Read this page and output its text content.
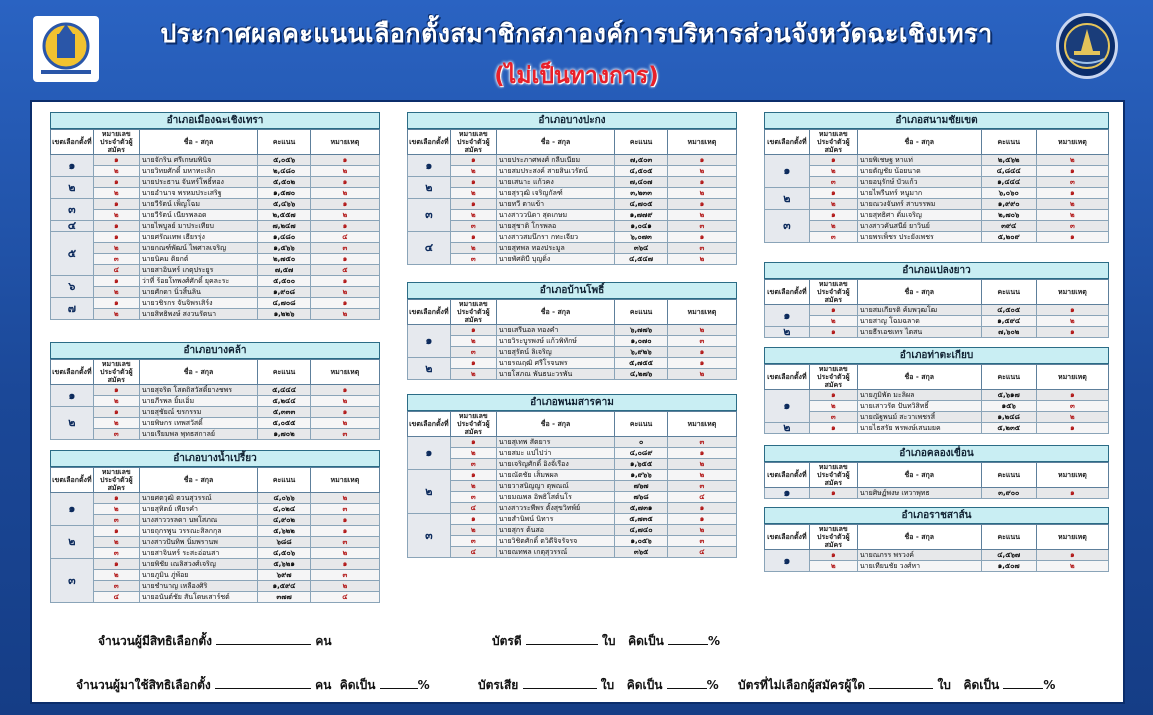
ประกาศผลคะแนนเลือกตั้งสมาชิกสภาองค์การบริหารส่วนจังหวัดฉะเชิงเทรา
(ไม่เป็นทางการ)
อำเภอเมืองฉะเชิงเทรา
เขตเลือกตั้งที่	หมายเลขประจำตัวผู้สมัคร	ชื่อ - สกุล	คะแนน	หมายเหตุ
๑	๑	นายจักริน ศรีเกษมพินิจ	๕,๐๕๖	๑
	๒	นายวิทยศักดิ์ มหาทะเลิก	๒,๔๘๐	๒
๒	๑	นายประธาน จันทร์โพธิ์ทอง	๕,๕๐๒	๑
	๒	นายอำนาจ พรหมประเสริฐ	๑,๕๗๐	๒
๓	๑	นายวีรัตน์ เพ็ญโฉม	๕,๔๖๖	๑
	๒	นายวีรัตน์ เนียรพลอด	๒,๕๕๗	๒
๔	๑	นายไพบูลย์ มาประเทียบ	๗,๒๔๗	๑
๕	๑	นายศรัณเทพ เธียรรุ่ง	๑,๔๘๐	๔
	๒	นายกณฑ์พัฒน์ ไพศาลเจริญ	๑,๕๖๖	๓
	๓	นายนิคม ติยกต์	๒,๗๕๐	๑
	๔	นายสาอินทร์ เกตุประยูร	๗,๕๗	๕
๖	๑	ว่าที่ ร้อยโทพงศ์ศักดิ์ ยุคละระ	๕,๕๐๐	๑
	๒	นายศักดา นิ่วสิ้นลิน	๑,๙๐๘	๒
๗	๑	นายวชิรกร จันจิพรเสิร์ง	๔,๗๐๘	๑
	๒	นายสิทธิพงษ์ สงวนรัตนา	๑,๒๒๖	๒
อำเภอบางคล้า
เขตเลือกตั้งที่	หมายเลขประจำตัวผู้สมัคร	ชื่อ - สกุล	คะแนน	หมายเหตุ
๑	๑	นายสุจริต โสตถิสวัสดิ์ยางชพร	๕,๔๔๔	๑
	๒	นายภีรพล ยิ้มเอิ่ม	๕,๒๔๔	๒
๒	๑	นายสุชัยณ์ ขรกรรม	๕,๓๓๓	๑
	๒	นายพิษกร เทพสวัสดิ์	๕,๐๕๕	๒
	๓	นายเรียมพล พุทธสกาลย์	๑,๗๐๒	๓
อำเภอบางน้ำเปรี้ยว
เขตเลือกตั้งที่	หมายเลขประจำตัวผู้สมัคร	ชื่อ - สกุล	คะแนน	หมายเหตุ
๑	๑	นายศตวุฒิ ตวนสุวรรณ์	๔,๐๖๖	๒
	๒	นายสุทิตย์ เพียรคำ	๔,๐๒๔	๓
	๓	นางสาววรลดา นพโสภณ	๔,๙๐๒	๑
๒	๑	นายถุกรพูน วรรณะสิลกกุล	๕,๖๒๒	๑
	๒	นางสาวปันทิพ นิ่มพรานพ	๖๘๘	๓
	๓	นายสาจินทร์ ระสะอ่อนสา	๔,๕๐๖	๒
๓	๑	นายพิชัย เณลิสวงศ์เจริญ	๕,๖๒๑	๑
	๒	นายภูมิน ภู่พ้อย	๖๙๗	๓
	๓	นายชำนาญ เหลืองศิริ	๑,๕๙๔	๒
	๔	นายอนันต์ชัย สันโดษเสาร์ชต์	๓๗๗	๔
อำเภอบางปะกง
เขตเลือกตั้งที่	หมายเลขประจำตัวผู้สมัคร	ชื่อ - สกุล	คะแนน	หมายเหตุ
๑	๑	นายประภาศพงศ์ กลีบเนียม	๗,๕๐๓	๑
	๒	นายสมประสงค์ สายสินเวรัตน์	๔,๕๐๕	๒
๒	๑	นายเสนาะ แก้วคง	๗,๔๐๗	๑
	๒	นายสุรวุฒิ เจริญกัลฑ์	๓,๒๓๓	๒
๓	๑	นายทวี ตาแข้า	๔,๗๐๕	๑
	๒	นางสาววนิดา สุดเกษม	๑,๗๗๙	๒
	๓	นายสุชาติ โกรพลอ	๑,๐๔๑	๓
๔	๑	นางสาวสมนึกรา กทะเจียว	๖,๐๗๓	๑
	๒	นายสุทพล ทองประมูล	๓๖๔	๓
	๓	นายพัศดิบี บุญดิ่ง	๔,๕๔๗	๒
อำเภอบ้านโพธิ์
เขตเลือกตั้งที่	หมายเลขประจำตัวผู้สมัคร	ชื่อ - สกุล	คะแนน	หมายเหตุ
๑	๑	นายเสรีนอล ทองคำ	๖,๗๗๖	๒
	๒	นายวิระบูรพงษ์ แก้วพิทักษ์	๑,๐๗๐	๓
	๓	นายสุรัตน์ ลิเจริญ	๖,๙๒๖	๑
๒	๑	นายรณฤฒิ ศรีโรจนพร	๕,๗๕๕	๑
	๒	นายโสภณ พันธนะวรพัน	๔,๒๗๖	๒
อำเภอพนมสารคาม
เขตเลือกตั้งที่	หมายเลขประจำตัวผู้สมัคร	ชื่อ - สกุล	คะแนน	หมายเหตุ
๑	๑	นายสุเทพ สัตยาร	๐	๓
	๒	นายสมะ แปไปว่า	๔,๐๘๙	๑
	๓	นายเจริญศักดิ์ อิงจั่เรือง	๑,๖๕๕	๒
๒	๑	นายณัตชัย เส็มพผล	๑,๙๖๖	๒
	๒	นายวาสนิญญา ตุพณณ์	๗๖๗	๓
	๓	นายมณพล อิพธิโสต์นโร	๗๖๘	๔
	๔	นางสาวระพีพร ตั้งสุขวิทพ์ย์	๕,๗๓๑	๑
๓	๑	นายสำนิพน์ นิทาร	๕,๗๓๕	๑
	๒	นายสุกร ต้นสอ	๔,๗๔๐	๒
	๓	นายวิชิตศักดิ์ ตวิดีจิจรัจรจ	๑,๐๕๖	๓
	๔	นายณทพล เกตุสุวรรณ์	๓๖๕	๔
อำเภอสนามชัยเขต
เขตเลือกตั้งที่	หมายเลขประจำตัวผู้สมัคร	ชื่อ - สกุล	คะแนน	หมายเหตุ
๑	๑	นายพิเชษฐ หาแท่	๒,๕๖๒	๒
	๒	นายตัญชัย น้อยนาด	๔,๘๔๔	๑
	๓	นายอนุรักษ์ บัวแก้ว	๑,๔๔๔	๓
๒	๑	นายไพรีนทร์ หนูมาก	๖,๐๖๐	๑
	๒	นายณวงจันทร์ สาบรรพม	๑,๙๙๐	๒
๓	๑	นายสุทธิศา ดั่มเจริญ	๒,๗๐๖	๒
	๒	นางสาวคันสนีย์ ยาวินย์	๓๙๔	๓
	๓	นายพรเพ็ชร ประยังเพชร	๕,๒๐๙	๑
อำเภอแปลงยาว
เขตเลือกตั้งที่	หมายเลขประจำตัวผู้สมัคร	ชื่อ - สกุล	คะแนน	หมายเหตุ
๑	๑	นายสมเกียรติ ค้มพวุฒโฒ	๔,๕๐๕	๑
	๒	นายสาญ โฉมฉลาด	๑,๕๙๔	๒
๒	๑	นายธีรเอชเทร ไตสน	๗,๖๐๒	๑
อำเภอท่าตะเกียบ
เขตเลือกตั้งที่	หมายเลขประจำตัวผู้สมัคร	ชื่อ - สกุล	คะแนน	หมายเหตุ
๑	๑	นายภูมิพัต มะลิผล	๕,๖๑๗	๑
	๒	นายเสาวรัต ปันทวิสิทธิ์	๑๕๖	๓
	๓	นายณัฐพนม์ สะวาเพชรสิ์	๑,๒๔๘	๒
๒	๑	นายไธสรัย พรพงษ์เสนมยค	๕,๒๓๕	๑
อำเภอคลองเขื่อน
เขตเลือกตั้งที่	หมายเลขประจำตัวผู้สมัคร	ชื่อ - สกุล	คะแนน	หมายเหตุ
๑	๑	นายศิษฏ์พงษ เทวาพุทธ	๓,๙๐๐	๑
อำเภอราชสาส์น
เขตเลือกตั้งที่	หมายเลขประจำตัวผู้สมัคร	ชื่อ - สกุล	คะแนน	หมายเหตุ
๑	๑	นายณภรร พรวงค์	๔,๕๖๗	๑
	๒	นายเทียนชัย วงศ์หา	๑,๕๐๗	๒
จำนวนผู้มีสิทธิเลือกตั้ง	คน	บัตรดี	ใบ คิดเป็น	%
จำนวนผู้มาใช้สิทธิเลือกตั้ง	คน คิดเป็น	%	บัตรเสีย	ใบ คิดเป็น	% บัตรที่ไม่เลือกผู้สมัครผู้ใด	ใบ คิดเป็น	%
